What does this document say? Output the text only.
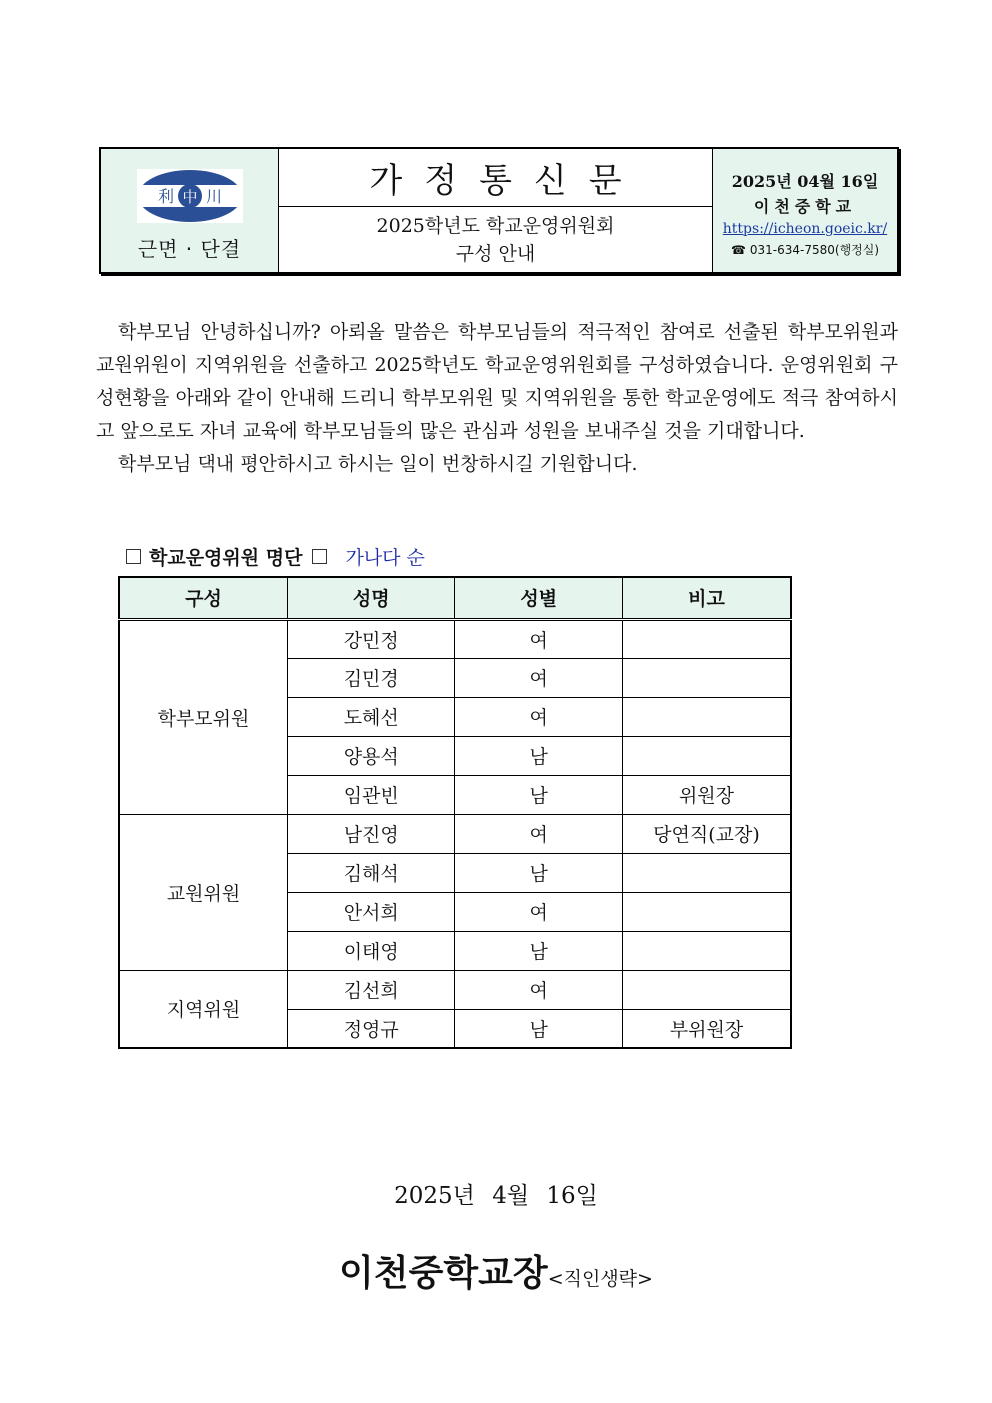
利 中 川
근면 · 단결
가정통신문
2025학년도 학교운영위원회
구성 안내
2025년 04월 16일
이천중학교
https://icheon.goeic.kr/
☎ 031-634-7580(행정실)

학부모님 안녕하십니까? 아뢰올 말씀은 학부모님들의 적극적인 참여로 선출된 학부모위원과 교원위원이 지역위원을 선출하고 2025학년도 학교운영위원회를 구성하였습니다. 운영위원회 구성현황을 아래와 같이 안내해 드리니 학부모위원 및 지역위원을 통한 학교운영에도 적극 참여하시고 앞으로도 자녀 교육에 학부모님들의 많은 관심과 성원을 보내주실 것을 기대합니다.

학부모님 댁내 평안하시고 하시는 일이 번창하시길 기원합니다.

학교운영위원 명단 가나다 순
구성	성명	성별	비고
학부모위원	강민정	여	
	김민경	여	
	도혜선	여	
	양용석	남	
	임관빈	남	위원장
교원위원	남진영	여	당연직(교장)
	김해석	남	
	안서희	여	
	이태영	남	
지역위원	김선희	여	
	정영규	남	부위원장
2025년 4월 16일
이천중학교장<직인생략>
